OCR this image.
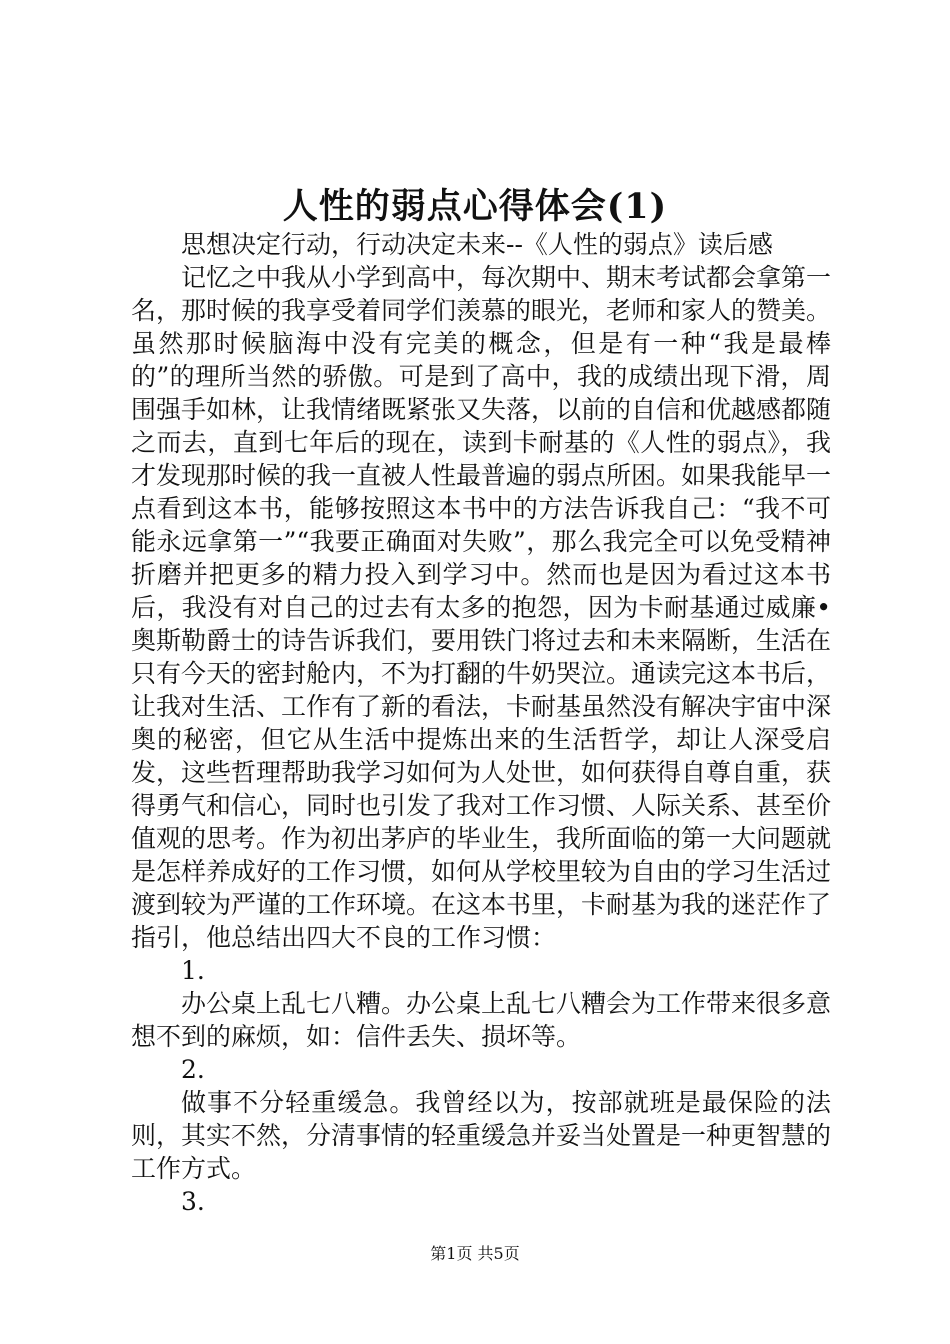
人性的弱点心得体会(1)

思想决定行动，行动决定未来--《人性的弱点》读后感

记忆之中我从小学到高中，每次期中、期末考试都会拿第一名，那时候的我享受着同学们羡慕的眼光，老师和家人的赞美。虽然那时候脑海中没有完美的概念，但是有一种“我是最棒的”的理所当然的骄傲。可是到了高中，我的成绩出现下滑，周围强手如林，让我情绪既紧张又失落，以前的自信和优越感都随之而去，直到七年后的现在，读到卡耐基的《人性的弱点》，我才发现那时候的我一直被人性最普遍的弱点所困。如果我能早一点看到这本书，能够按照这本书中的方法告诉我自己：“我不可能永远拿第一”“我要正确面对失败”，那么我完全可以免受精神折磨并把更多的精力投入到学习中。然而也是因为看过这本书后，我没有对自己的过去有太多的抱怨，因为卡耐基通过威廉•奥斯勒爵士的诗告诉我们，要用铁门将过去和未来隔断，生活在只有今天的密封舱内，不为打翻的牛奶哭泣。通读完这本书后，让我对生活、工作有了新的看法，卡耐基虽然没有解决宇宙中深奥的秘密，但它从生活中提炼出来的生活哲学，却让人深受启发，这些哲理帮助我学习如何为人处世，如何获得自尊自重，获得勇气和信心，同时也引发了我对工作习惯、人际关系、甚至价值观的思考。作为初出茅庐的毕业生，我所面临的第一大问题就是怎样养成好的工作习惯，如何从学校里较为自由的学习生活过渡到较为严谨的工作环境。在这本书里，卡耐基为我的迷茫作了指引，他总结出四大不良的工作习惯：

1.

办公桌上乱七八糟。办公桌上乱七八糟会为工作带来很多意想不到的麻烦，如：信件丢失、损坏等。

2.

做事不分轻重缓急。我曾经以为，按部就班是最保险的法则，其实不然，分清事情的轻重缓急并妥当处置是一种更智慧的工作方式。

3.

第1页 共5页
